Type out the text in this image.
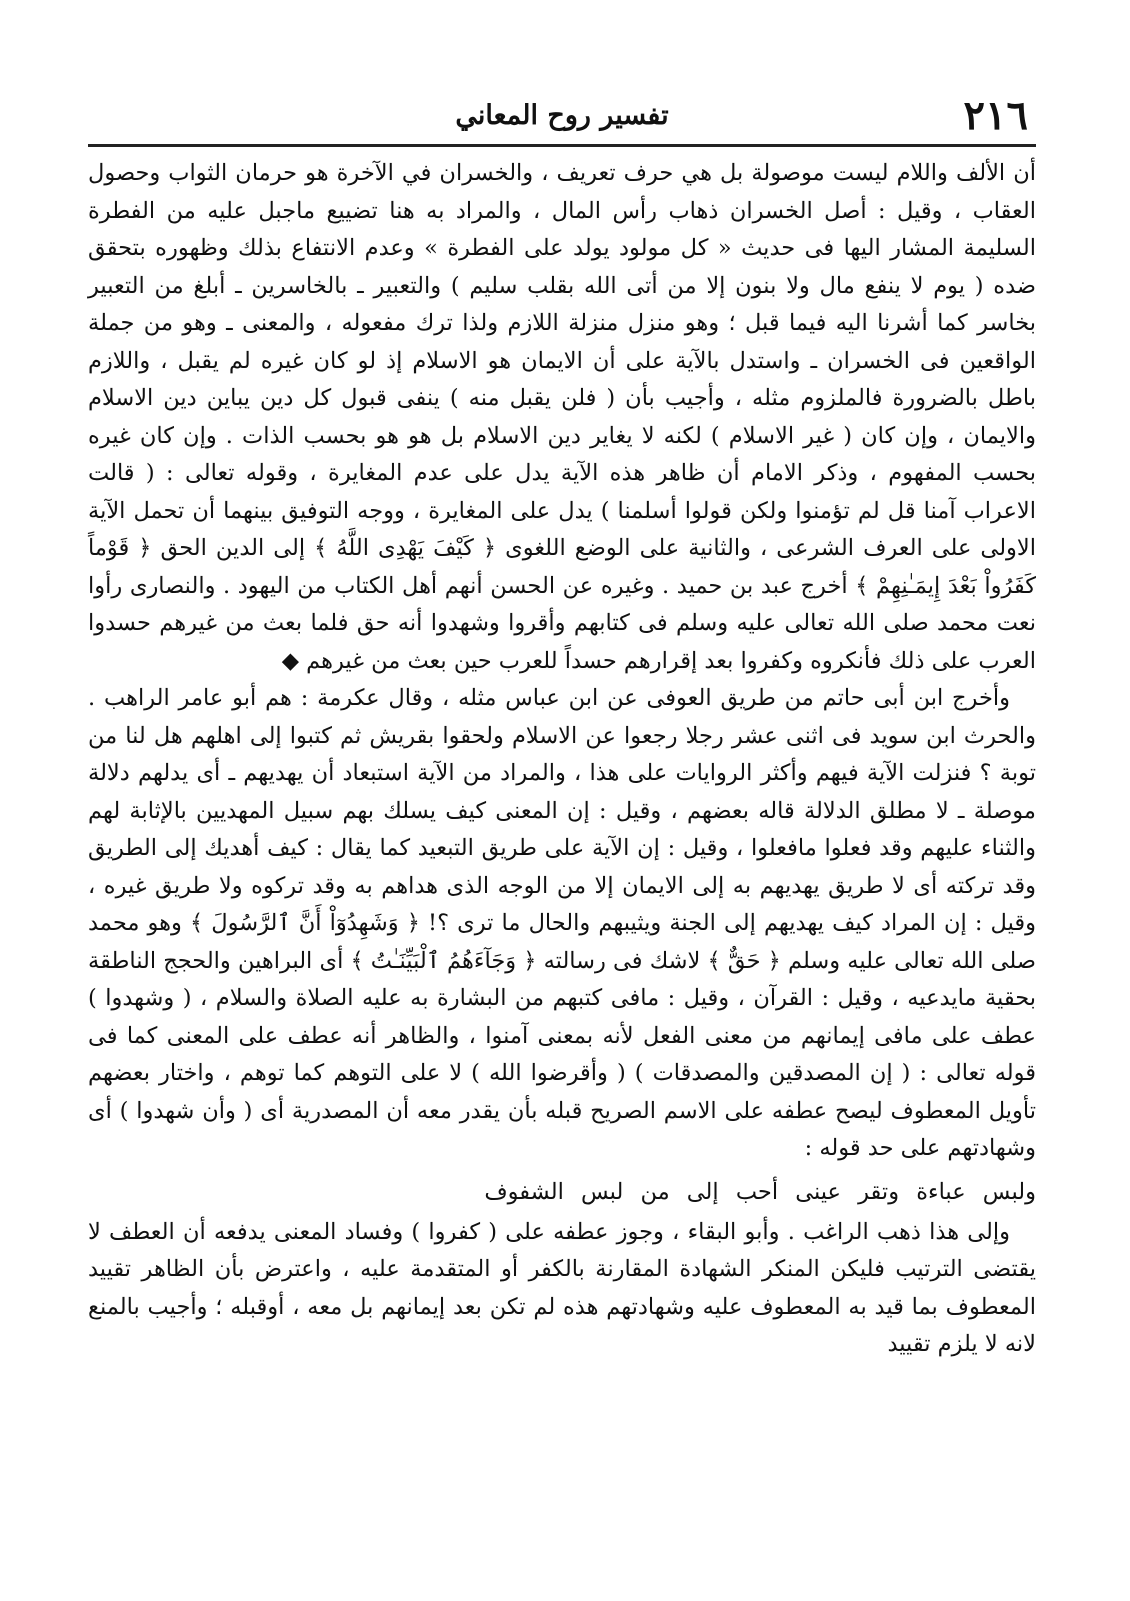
٢١٦
تفسير روح المعاني

أن الألف واللام ليست موصولة بل هي حرف تعريف ، والخسران في الآخرة هو حرمان الثواب وحصول العقاب ، وقيل : أصل الخسران ذهاب رأس المال ، والمراد به هنا تضييع ماجبل عليه من الفطرة السليمة المشار اليها فى حديث « كل مولود يولد على الفطرة » وعدم الانتفاع بذلك وظهوره بتحقق ضده ( يوم لا ينفع مال ولا بنون إلا من أتى الله بقلب سليم ) والتعبير ـ بالخاسرين ـ أبلغ من التعبير بخاسر كما أشرنا اليه فيما قبل ؛ وهو منزل منزلة اللازم ولذا ترك مفعوله ، والمعنى ـ وهو من جملة الواقعين فى الخسران ـ واستدل بالآية على أن الايمان هو الاسلام إذ لو كان غيره لم يقبل ، واللازم باطل بالضرورة فالملزوم مثله ، وأجيب بأن ( فلن يقبل منه ) ينفى قبول كل دين يباين دين الاسلام والايمان ، وإن كان ( غير الاسلام ) لكنه لا يغاير دين الاسلام بل هو هو بحسب الذات . وإن كان غيره بحسب المفهوم ، وذكر الامام أن ظاهر هذه الآية يدل على عدم المغايرة ، وقوله تعالى : ( قالت الاعراب آمنا قل لم تؤمنوا ولكن قولوا أسلمنا ) يدل على المغايرة ، ووجه التوفيق بينهما أن تحمل الآية الاولى على العرف الشرعى ، والثانية على الوضع اللغوى ﴿ كَيْفَ يَهْدِى اللَّهُ ﴾ إلى الدين الحق ﴿ قَوْماً كَفَرُواْ بَعْدَ إِيمَـٰنِهِمْ ﴾ أخرج عبد بن حميد . وغيره عن الحسن أنهم أهل الكتاب من اليهود . والنصارى رأوا نعت محمد صلى الله تعالى عليه وسلم فى كتابهم وأقروا وشهدوا أنه حق فلما بعث من غيرهم حسدوا العرب على ذلك فأنكروه وكفروا بعد إقرارهم حسداً للعرب حين بعث من غيرهم ◆

وأخرج ابن أبى حاتم من طريق العوفى عن ابن عباس مثله ، وقال عكرمة : هم أبو عامر الراهب . والحرث ابن سويد فى اثنى عشر رجلا رجعوا عن الاسلام ولحقوا بقريش ثم كتبوا إلى اهلهم هل لنا من توبة ؟ فنزلت الآية فيهم وأكثر الروايات على هذا ، والمراد من الآية استبعاد أن يهديهم ـ أى يدلهم دلالة موصلة ـ لا مطلق الدلالة قاله بعضهم ، وقيل : إن المعنى كيف يسلك بهم سبيل المهديين بالإثابة لهم والثناء عليهم وقد فعلوا مافعلوا ، وقيل : إن الآية على طريق التبعيد كما يقال : كيف أهديك إلى الطريق وقد تركته أى لا طريق يهديهم به إلى الايمان إلا من الوجه الذى هداهم به وقد تركوه ولا طريق غيره ، وقيل : إن المراد كيف يهديهم إلى الجنة ويثيبهم والحال ما ترى ؟! ﴿ وَشَهِدُوٓاْ أَنَّ ٱلرَّسُولَ ﴾ وهو محمد صلى الله تعالى عليه وسلم ﴿ حَقٌّ ﴾ لاشك فى رسالته ﴿ وَجَآءَهُمُ ٱلْبَيِّنَـٰتُ ﴾ أى البراهين والحجج الناطقة بحقية مايدعيه ، وقيل : القرآن ، وقيل : مافى كتبهم من البشارة به عليه الصلاة والسلام ، ( وشهدوا ) عطف على مافى إيمانهم من معنى الفعل لأنه بمعنى آمنوا ، والظاهر أنه عطف على المعنى كما فى قوله تعالى : ( إن المصدقين والمصدقات ) ( وأقرضوا الله ) لا على التوهم كما توهم ، واختار بعضهم تأويل المعطوف ليصح عطفه على الاسم الصريح قبله بأن يقدر معه أن المصدرية أى ( وأن شهدوا ) أى وشهادتهم على حد قوله :

ولبس عباءة وتقر عينى أحب إلى من لبس الشفوف

وإلى هذا ذهب الراغب . وأبو البقاء ، وجوز عطفه على ( كفروا ) وفساد المعنى يدفعه أن العطف لا يقتضى الترتيب فليكن المنكر الشهادة المقارنة بالكفر أو المتقدمة عليه ، واعترض بأن الظاهر تقييد المعطوف بما قيد به المعطوف عليه وشهادتهم هذه لم تكن بعد إيمانهم بل معه ، أوقبله ؛ وأجيب بالمنع لانه لا يلزم تقييد
